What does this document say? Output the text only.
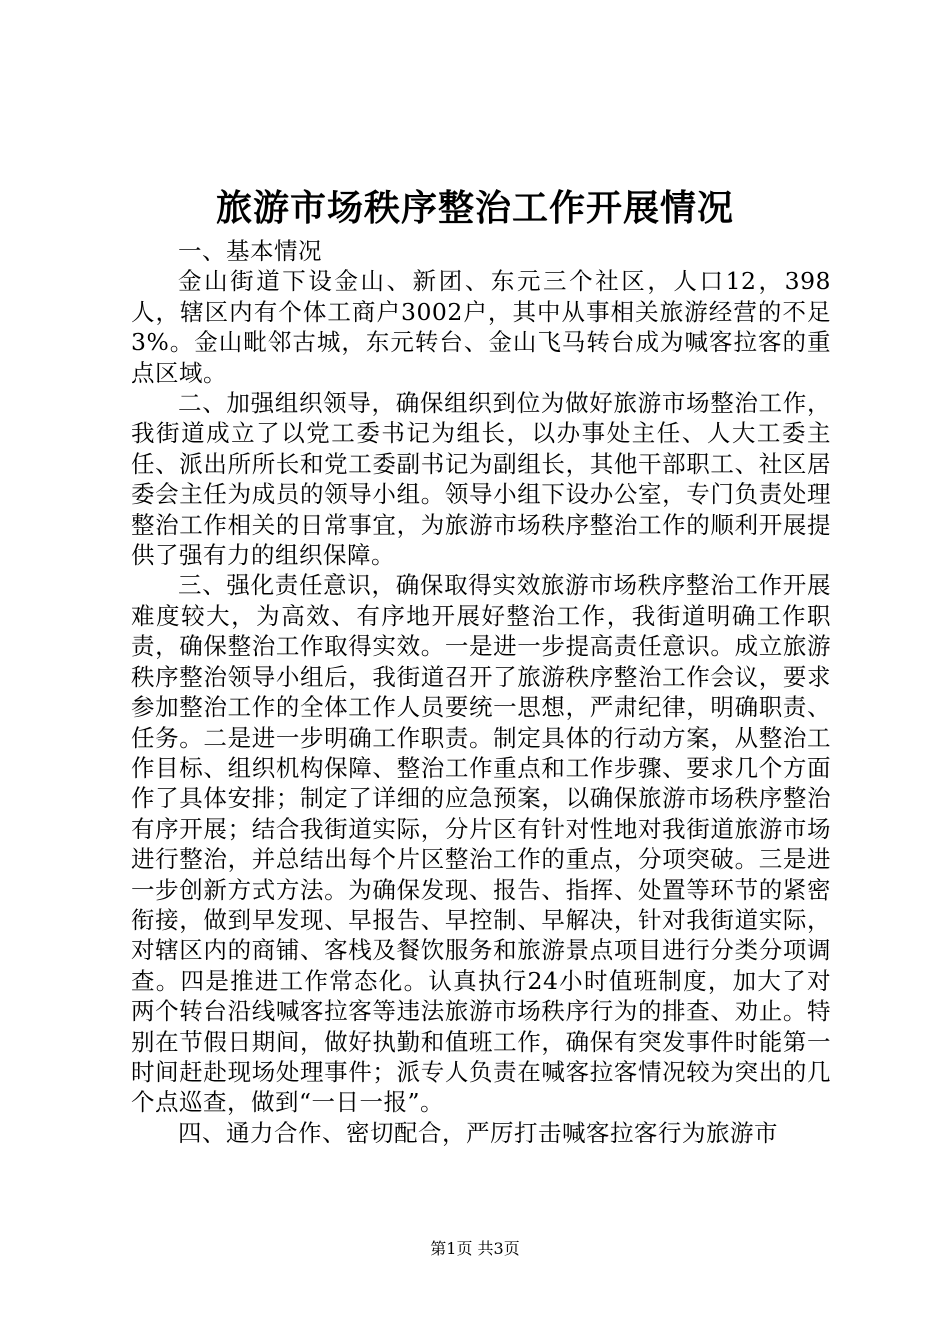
旅游市场秩序整治工作开展情况

一、基本情况

金山街道下设金山、新团、东元三个社区，人口12，398人，辖区内有个体工商户3002户，其中从事相关旅游经营的不足3%。金山毗邻古城，东元转台、金山飞马转台成为喊客拉客的重点区域。

二、加强组织领导，确保组织到位为做好旅游市场整治工作，我街道成立了以党工委书记为组长，以办事处主任、人大工委主任、派出所所长和党工委副书记为副组长，其他干部职工、社区居委会主任为成员的领导小组。领导小组下设办公室，专门负责处理整治工作相关的日常事宜，为旅游市场秩序整治工作的顺利开展提供了强有力的组织保障。

三、强化责任意识，确保取得实效旅游市场秩序整治工作开展难度较大，为高效、有序地开展好整治工作，我街道明确工作职责，确保整治工作取得实效。一是进一步提高责任意识。成立旅游秩序整治领导小组后，我街道召开了旅游秩序整治工作会议，要求参加整治工作的全体工作人员要统一思想，严肃纪律，明确职责、任务。二是进一步明确工作职责。制定具体的行动方案，从整治工作目标、组织机构保障、整治工作重点和工作步骤、要求几个方面作了具体安排；制定了详细的应急预案，以确保旅游市场秩序整治有序开展；结合我街道实际，分片区有针对性地对我街道旅游市场进行整治，并总结出每个片区整治工作的重点，分项突破。三是进一步创新方式方法。为确保发现、报告、指挥、处置等环节的紧密衔接，做到早发现、早报告、早控制、早解决，针对我街道实际，对辖区内的商铺、客栈及餐饮服务和旅游景点项目进行分类分项调查。四是推进工作常态化。认真执行24小时值班制度，加大了对两个转台沿线喊客拉客等违法旅游市场秩序行为的排查、劝止。特别在节假日期间，做好执勤和值班工作，确保有突发事件时能第一时间赶赴现场处理事件；派专人负责在喊客拉客情况较为突出的几个点巡查，做到“一日一报”。

四、通力合作、密切配合，严厉打击喊客拉客行为旅游市

第1页 共3页
